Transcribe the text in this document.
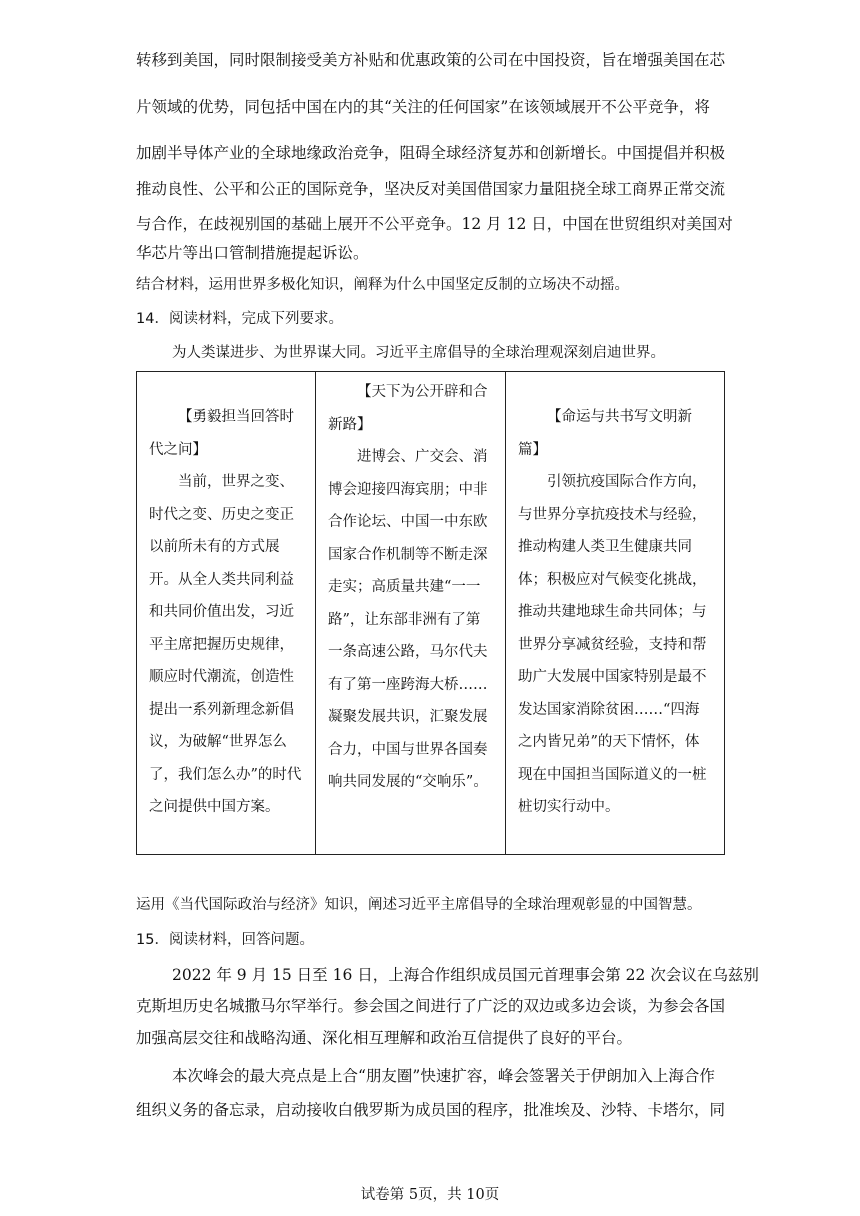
转移到美国，同时限制接受美方补贴和优惠政策的公司在中国投资，旨在增强美国在芯
片领域的优势，同包括中国在内的其“关注的任何国家”在该领域展开不公平竞争，将
加剧半导体产业的全球地缘政治竞争，阻碍全球经济复苏和创新增长。中国提倡并积极
推动良性、公平和公正的国际竞争，坚决反对美国借国家力量阻挠全球工商界正常交流
与合作，在歧视别国的基础上展开不公平竞争。12 月 12 日，中国在世贸组织对美国对
华芯片等出口管制措施提起诉讼。
结合材料，运用世界多极化知识，阐释为什么中国坚定反制的立场决不动摇。
14．阅读材料，完成下列要求。
为人类谋进步、为世界谋大同。习近平主席倡导的全球治理观深刻启迪世界。
【勇毅担当回答时代之问】
当前，世界之变、时代之变、历史之变正以前所未有的方式展开。从全人类共同利益和共同价值出发，习近平主席把握历史规律，顺应时代潮流，创造性提出一系列新理念新倡议，为破解“世界怎么了，我们怎么办”的时代之问提供中国方案。

【天下为公开辟和合新路】
进博会、广交会、消博会迎接四海宾朋；中非合作论坛、中国一中东欧国家合作机制等不断走深走实；高质量共建“一一路”，让东部非洲有了第一条高速公路，马尔代夫有了第一座跨海大桥……凝聚发展共识，汇聚发展合力，中国与世界各国奏响共同发展的“交响乐”。

【命运与共书写文明新篇】
引领抗疫国际合作方向，与世界分享抗疫技术与经验，推动构建人类卫生健康共同体；积极应对气候变化挑战，推动共建地球生命共同体；与世界分享减贫经验，支持和帮助广大发展中国家特别是最不发达国家消除贫困……“四海之内皆兄弟”的天下情怀，体现在中国担当国际道义的一桩桩切实行动中。
运用《当代国际政治与经济》知识，阐述习近平主席倡导的全球治理观彰显的中国智慧。
15．阅读材料，回答问题。
2022 年 9 月 15 日至 16 日，上海合作组织成员国元首理事会第 22 次会议在乌兹别
克斯坦历史名城撒马尔罕举行。参会国之间进行了广泛的双边或多边会谈，为参会各国
加强高层交往和战略沟通、深化相互理解和政治互信提供了良好的平台。
本次峰会的最大亮点是上合“朋友圈”快速扩容，峰会签署关于伊朗加入上海合作
组织义务的备忘录，启动接收白俄罗斯为成员国的程序，批准埃及、沙特、卡塔尔，同
试卷第 5页，共 10页
